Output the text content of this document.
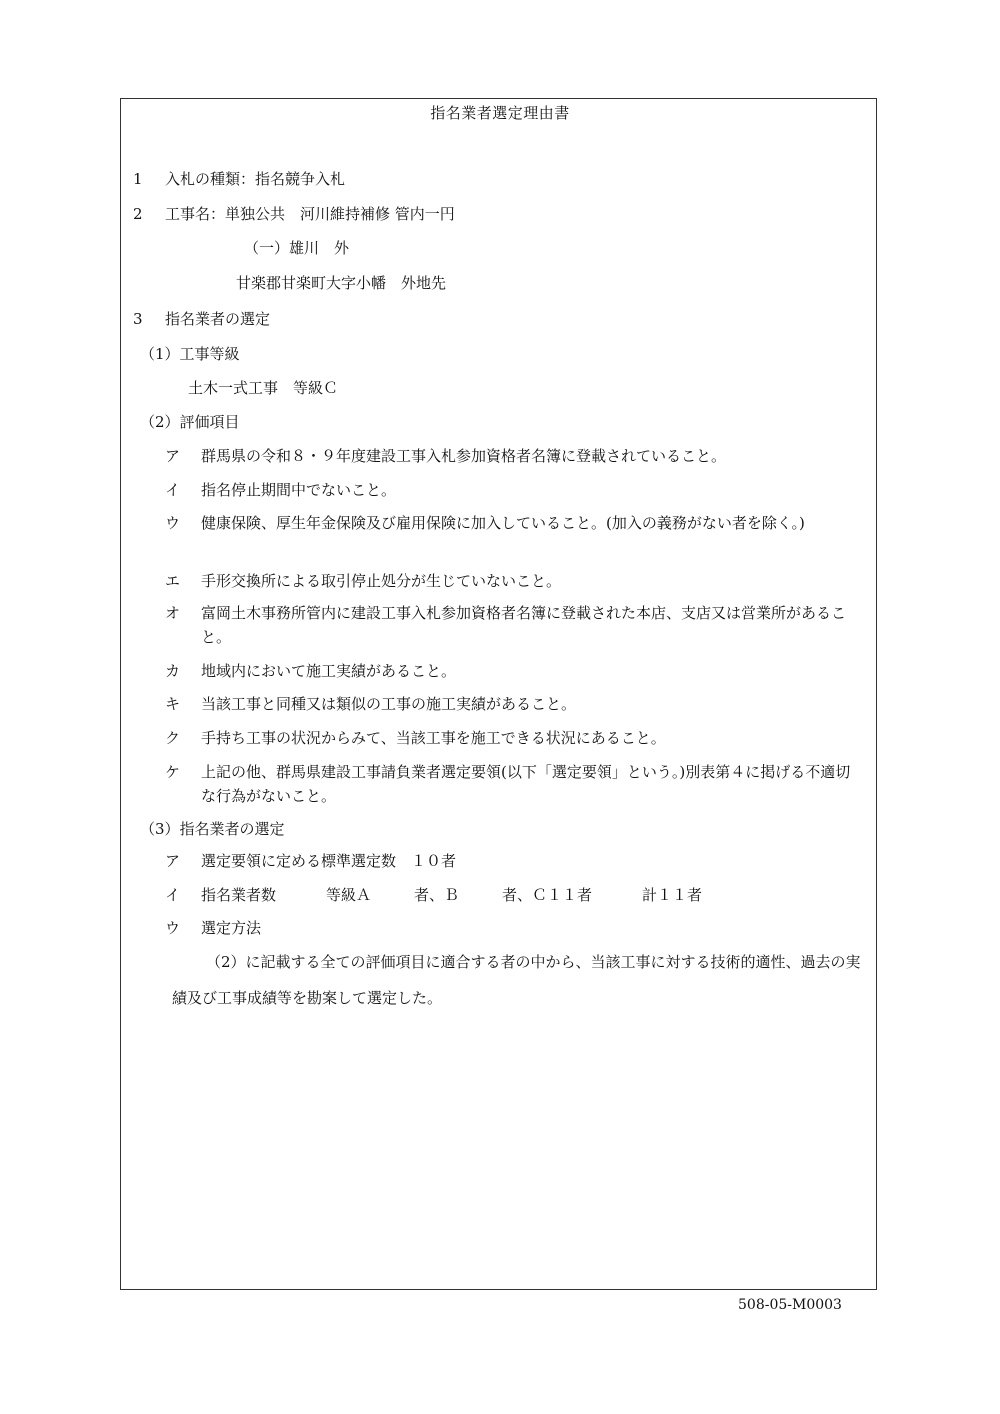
指名業者選定理由書
1 入札の種類：指名競争入札
2 工事名：単独公共　河川維持補修 管内一円
（一）雄川　外
甘楽郡甘楽町大字小幡　外地先
3 指名業者の選定
（1）工事等級
土木一式工事　等級Ｃ
（2）評価項目
ア 群馬県の令和８・９年度建設工事入札参加資格者名簿に登載されていること。
イ 指名停止期間中でないこと。
ウ 健康保険、厚生年金保険及び雇用保険に加入していること。(加入の義務がない者を除く。)
エ 手形交換所による取引停止処分が生じていないこと。
オ 富岡土木事務所管内に建設工事入札参加資格者名簿に登載された本店、支店又は営業所があること。
カ 地域内において施工実績があること。
キ 当該工事と同種又は類似の工事の施工実績があること。
ク 手持ち工事の状況からみて、当該工事を施工できる状況にあること。
ケ 上記の他、群馬県建設工事請負業者選定要領(以下「選定要領」という。)別表第４に掲げる不適切な行為がないこと。
（3）指名業者の選定
ア 選定要領に定める標準選定数　１０者
イ 指名業者数	等級Ａ	者、Ｂ	者、Ｃ１１者	計１１者
ウ 選定方法
（2）に記載する全ての評価項目に適合する者の中から、当該工事に対する技術的適性、過去の実績及び工事成績等を勘案して選定した。
508-05-M0003
